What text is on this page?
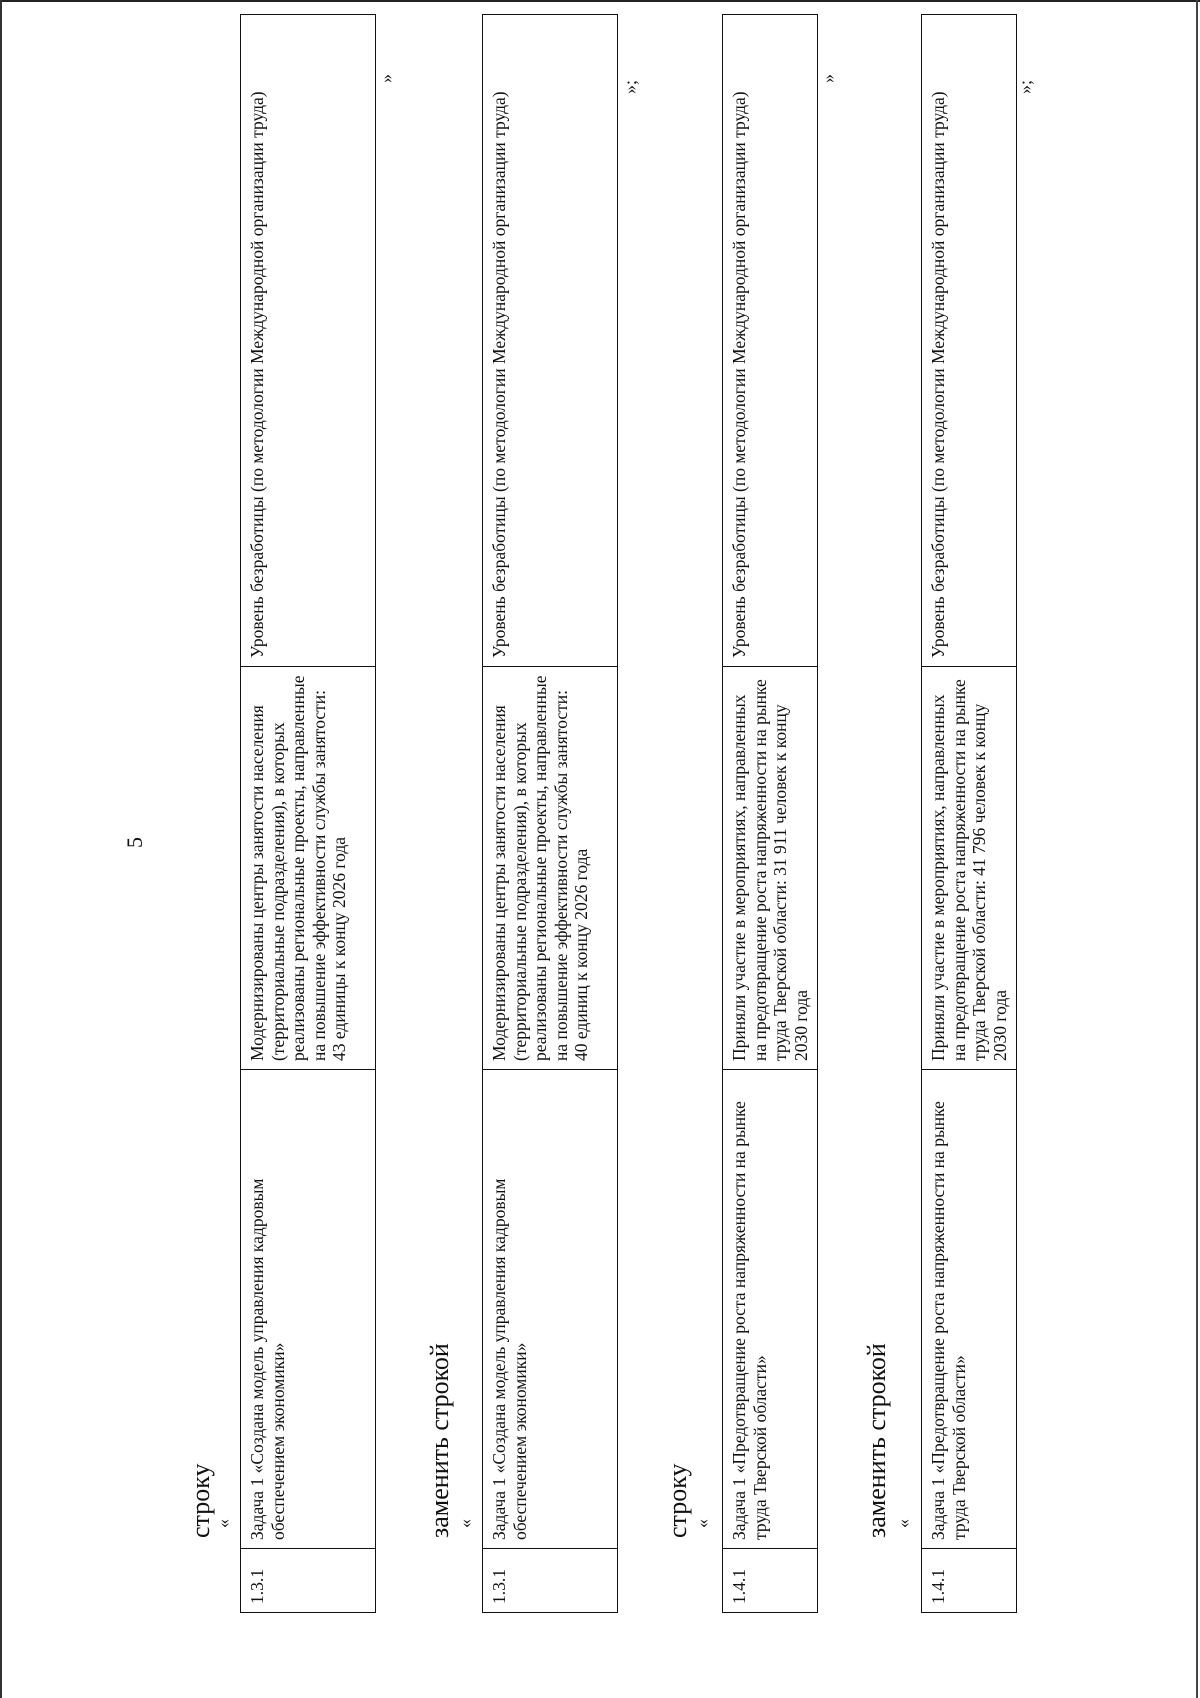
5
строку
«
1.3.1	Задача 1 «Создана модель управления кадровым обеспечением экономики»	Модернизированы центры занятости населения (территориальные подразделения), в которых реализованы региональные проекты, направленные на повышение эффективности службы занятости: 43 единицы к концу 2026 года	Уровень безработицы (по методологии Международной организации труда)
»
заменить строкой «
1.3.1	Задача 1 «Создана модель управления кадровым обеспечением экономики»	Модернизированы центры занятости населения (территориальные подразделения), в которых реализованы региональные проекты, направленные на повышение эффективности службы занятости: 40 единиц к концу 2026 года	Уровень безработицы (по методологии Международной организации труда)
»;
строку «
1.4.1	Задача 1 «Предотвращение роста напряженности на рынке труда Тверской области»	Приняли участие в мероприятиях, направленных на предотвращение роста напряженности на рынке труда Тверской области: 31 911 человек к концу 2030 года	Уровень безработицы (по методологии Международной организации труда)
»
заменить строкой «
1.4.1	Задача 1 «Предотвращение роста напряженности на рынке труда Тверской области»	Приняли участие в мероприятиях, направленных на предотвращение роста напряженности на рынке труда Тверской области: 41 796 человек к концу 2030 года	Уровень безработицы (по методологии Международной организации труда)
»;
